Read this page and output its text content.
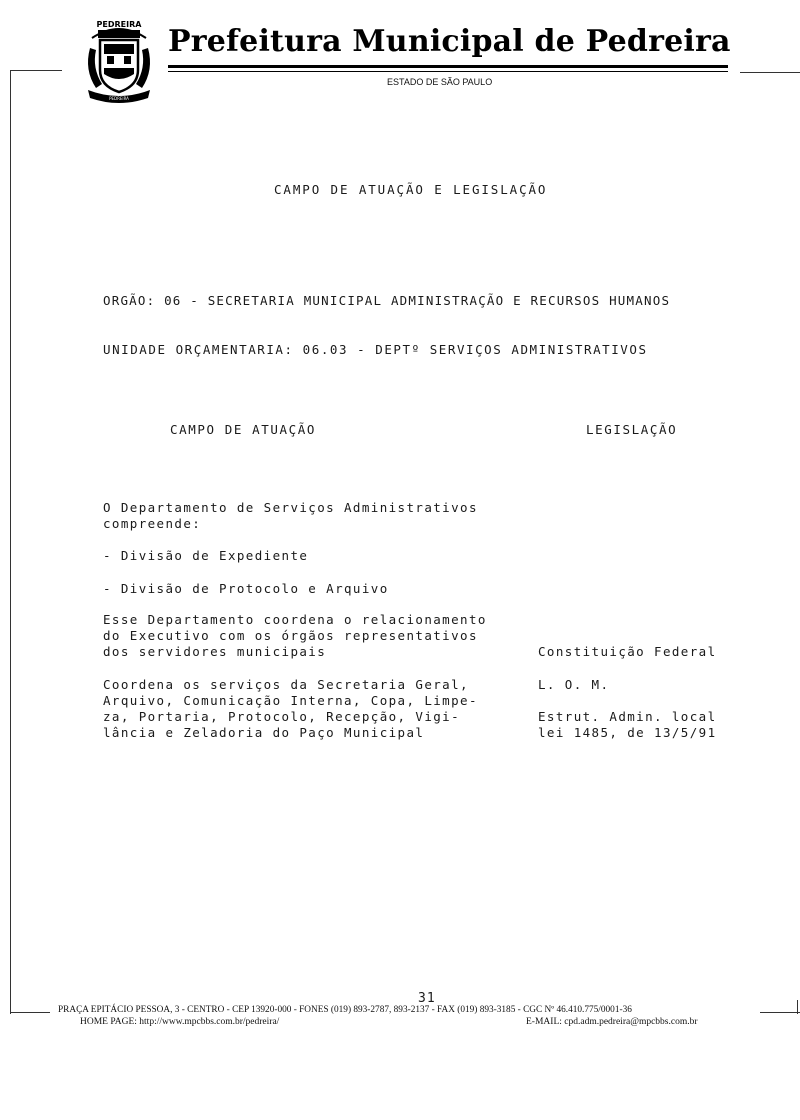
PEDREIRA
PEDREIRA
Prefeitura Municipal de Pedreira
ESTADO DE SÃO PAULO
CAMPO DE ATUAÇÃO E LEGISLAÇÃO
ORGÃO: 06 - SECRETARIA MUNICIPAL ADMINISTRAÇÃO E RECURSOS HUMANOS
UNIDADE ORÇAMENTARIA: 06.03 - DEPTº SERVIÇOS ADMINISTRATIVOS
CAMPO DE ATUAÇÃO	LEGISLAÇÃO
O Departamento de Serviços Administrativos
compreende:
- Divisão de Expediente
- Divisão de Protocolo e Arquivo
Esse Departamento coordena o relacionamento
do Executivo com os órgãos representativos
dos servidores municipais	Constituição Federal
Coordena os serviços da Secretaria Geral,	L. O. M.
Arquivo, Comunicação Interna, Copa, Limpe-
za, Portaria, Protocolo, Recepção, Vigi-	Estrut. Admin. local
lância e Zeladoria do Paço Municipal	lei 1485, de 13/5/91
31
PRAÇA EPITÁCIO PESSOA, 3 - CENTRO - CEP 13920-000 - FONES (019) 893-2787, 893-2137 - FAX (019) 893-3185 - CGC Nº 46.410.775/0001-36
HOME PAGE: http://www.mpcbbs.com.br/pedreira/	E-MAIL: cpd.adm.pedreira@mpcbbs.com.br
